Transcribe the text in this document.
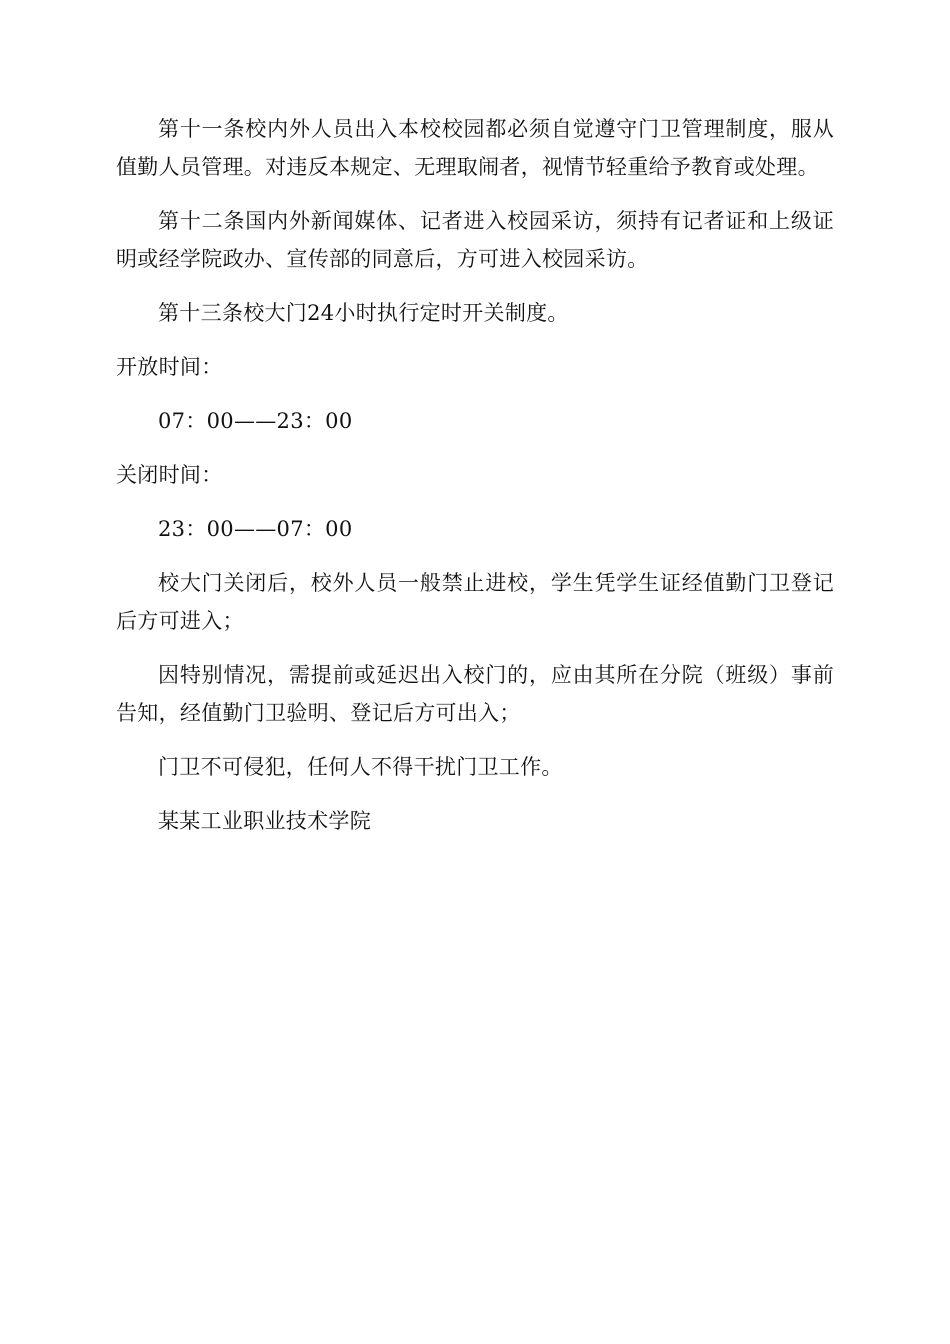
第十一条校内外人员出入本校校园都必须自觉遵守门卫管理制度，服从值勤人员管理。对违反本规定、无理取闹者，视情节轻重给予教育或处理。

第十二条国内外新闻媒体、记者进入校园采访，须持有记者证和上级证明或经学院政办、宣传部的同意后，方可进入校园采访。

第十三条校大门24小时执行定时开关制度。

开放时间：

07：00——23：00

关闭时间：

23：00——07：00

校大门关闭后，校外人员一般禁止进校，学生凭学生证经值勤门卫登记后方可进入；

因特别情况，需提前或延迟出入校门的，应由其所在分院（班级）事前告知，经值勤门卫验明、登记后方可出入；

门卫不可侵犯，任何人不得干扰门卫工作。

某某工业职业技术学院
